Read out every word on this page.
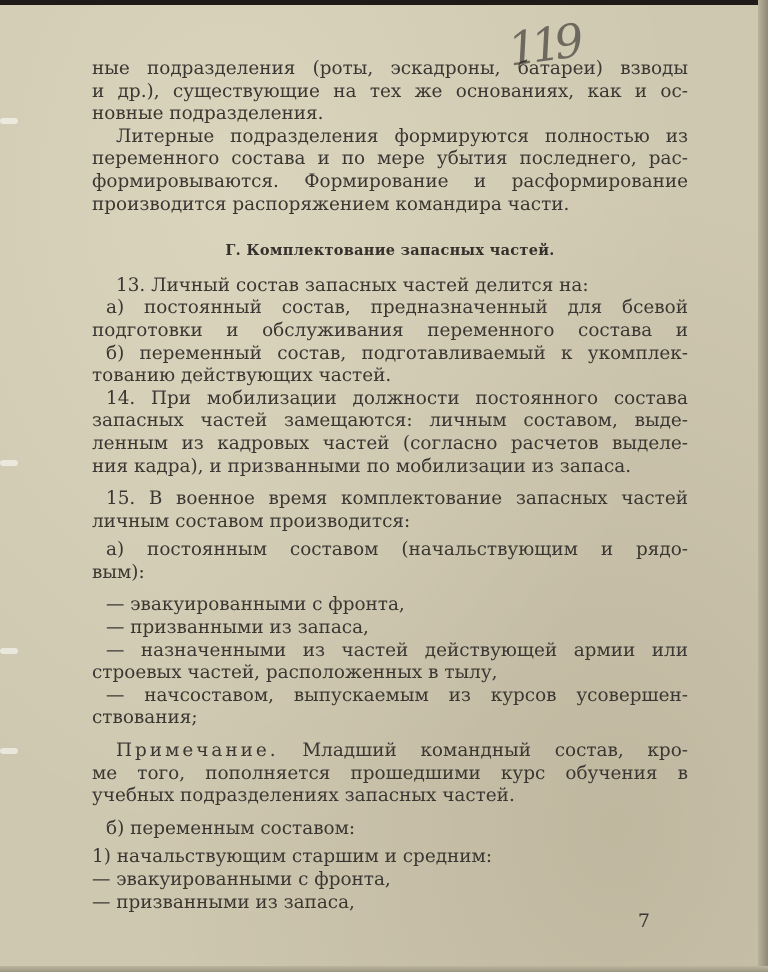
119
ные подразделения (роты, эскадроны, батареи) взводы
и др.), существующие на тех же основаниях, как и ос-
новные подразделения.
Литерные подразделения формируются полностью из
переменного состава и по мере убытия последнего, рас-
формировываются. Формирование и расформирование
производится распоряжением командира части.
Г. Комплектование запасных частей.
13. Личный состав запасных частей делится на:
а) постоянный состав, предназначенный для бсевой
подготовки и обслуживания переменного состава и
б) переменный состав, подготавливаемый к укомплек-
тованию действующих частей.
14. При мобилизации должности постоянного состава
запасных частей замещаются: личным составом, выде-
ленным из кадровых частей (согласно расчетов выделе-
ния кадра), и призванными по мобилизации из запаса.
15. В военное время комплектование запасных частей
личным составом производится:
а) постоянным составом (начальствующим и рядо-
вым):
— эвакуированными с фронта,
— призванными из запаса,
— назначенными из частей действующей армии или
строевых частей, расположенных в тылу,
— начсоставом, выпускаемым из курсов усовершен-
ствования;
Примечание. Младший командный состав, кро-
ме того, пополняется прошедшими курс обучения в
учебных подразделениях запасных частей.
б) переменным составом:
1) начальствующим старшим и средним:
— эвакуированными с фронта,
— призванными из запаса,
7
